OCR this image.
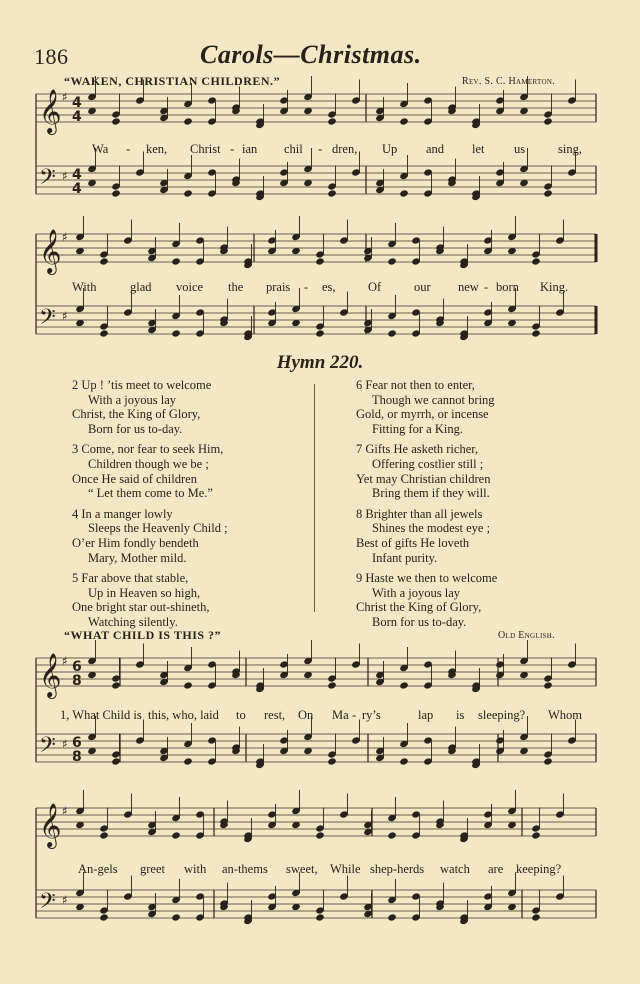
186	Carols—Christmas.
“WAKEN, CHRISTIAN CHILDREN.”	Rev. S. C. Hamerton.
𝄞 ♯ 4
4
𝄢 ♯ 4
4
Wa - ken, Christ - ian chil - dren, Up and let us	sing,
𝄞 ♯
𝄢 ♯
With	glad voice the prais - es,	Of	our new - born King.
Hymn 220.
2 Up ! ’tis meet to welcome
With a joyous lay
Christ, the King of Glory,
Born for us to-day.
3 Come, nor fear to seek Him,
Children though we be ;
Once He said of children
“ Let them come to Me.”
4 In a manger lowly
Sleeps the Heavenly Child ;
O’er Him fondly bendeth
Mary, Mother mild.
5 Far above that stable,
Up in Heaven so high,
One bright star out-shineth,
Watching silently.
6 Fear not then to enter,
Though we cannot bring
Gold, or myrrh, or incense
Fitting for a King.
7 Gifts He asketh richer,
Offering costlier still ;
Yet may Christian children
Bring them if they will.
8 Brighter than all jewels
Shines the modest eye ;
Best of gifts He loveth
Infant purity.
9 Haste we then to welcome
With a joyous lay
Christ the King of Glory,
Born for us to-day.
“WHAT CHILD IS THIS ?”	Old English.
𝄞 ♯ 6
8
𝄢 ♯ 6
8
1, What Child is this, who, laid to rest, On Ma - ry’s	lap is sleeping? Whom
𝄞 ♯
𝄢 ♯
An-gels greet with an-thems sweet, While shep-herds watch are keeping?
